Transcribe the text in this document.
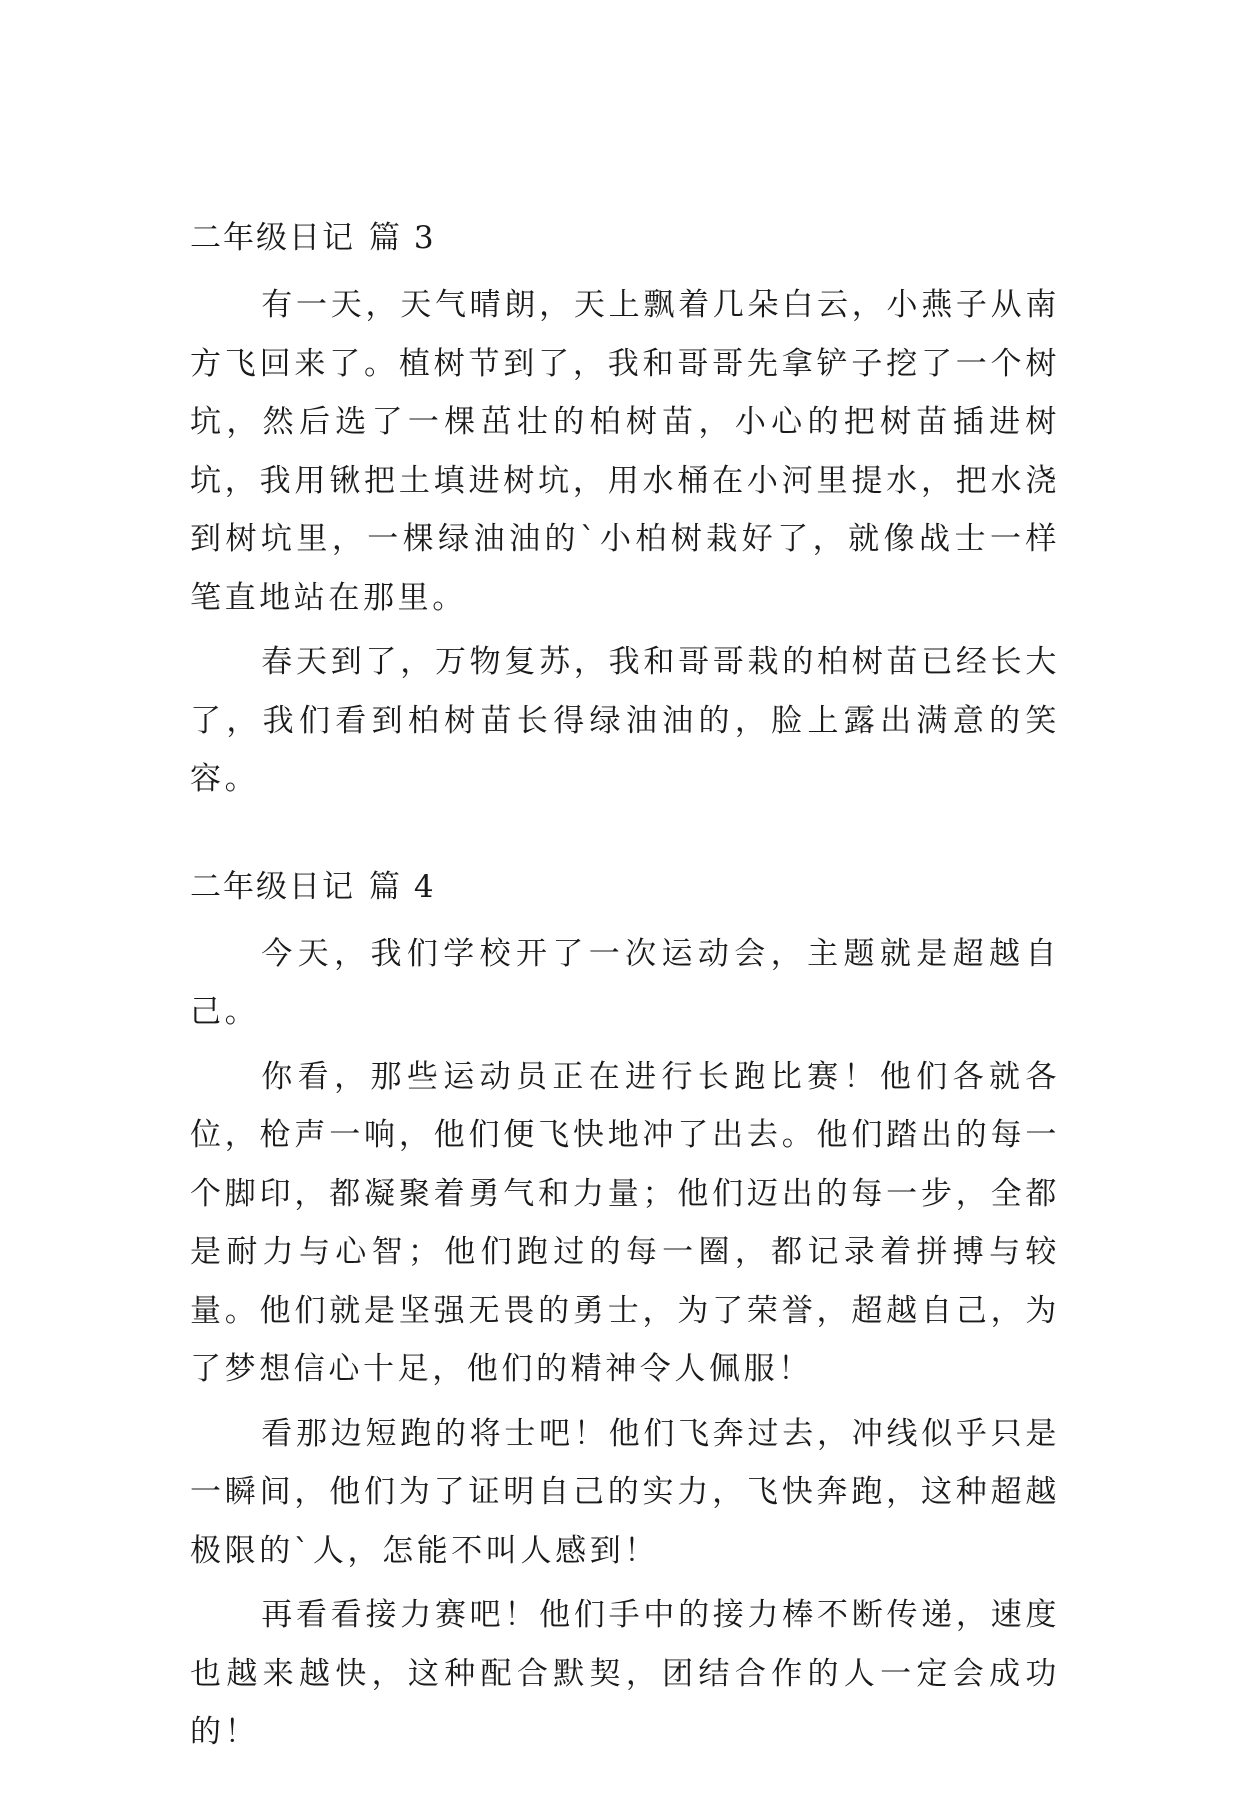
二年级日记 篇 3

有一天，天气晴朗，天上飘着几朵白云，小燕子从南方飞回来了。植树节到了，我和哥哥先拿铲子挖了一个树坑，然后选了一棵茁壮的柏树苗，小心的把树苗插进树坑，我用锹把土填进树坑，用水桶在小河里提水，把水浇到树坑里，一棵绿油油的`小柏树栽好了，就像战士一样笔直地站在那里。

春天到了，万物复苏，我和哥哥栽的柏树苗已经长大了，我们看到柏树苗长得绿油油的，脸上露出满意的笑容。

二年级日记 篇 4

今天，我们学校开了一次运动会，主题就是超越自己。

你看，那些运动员正在进行长跑比赛！他们各就各位，枪声一响，他们便飞快地冲了出去。他们踏出的每一个脚印，都凝聚着勇气和力量；他们迈出的每一步，全都是耐力与心智；他们跑过的每一圈，都记录着拼搏与较量。他们就是坚强无畏的勇士，为了荣誉，超越自己，为了梦想信心十足，他们的精神令人佩服！

看那边短跑的将士吧！他们飞奔过去，冲线似乎只是一瞬间，他们为了证明自己的实力，飞快奔跑，这种超越极限的`人，怎能不叫人感到！

再看看接力赛吧！他们手中的接力棒不断传递，速度也越来越快，这种配合默契，团结合作的人一定会成功的！
